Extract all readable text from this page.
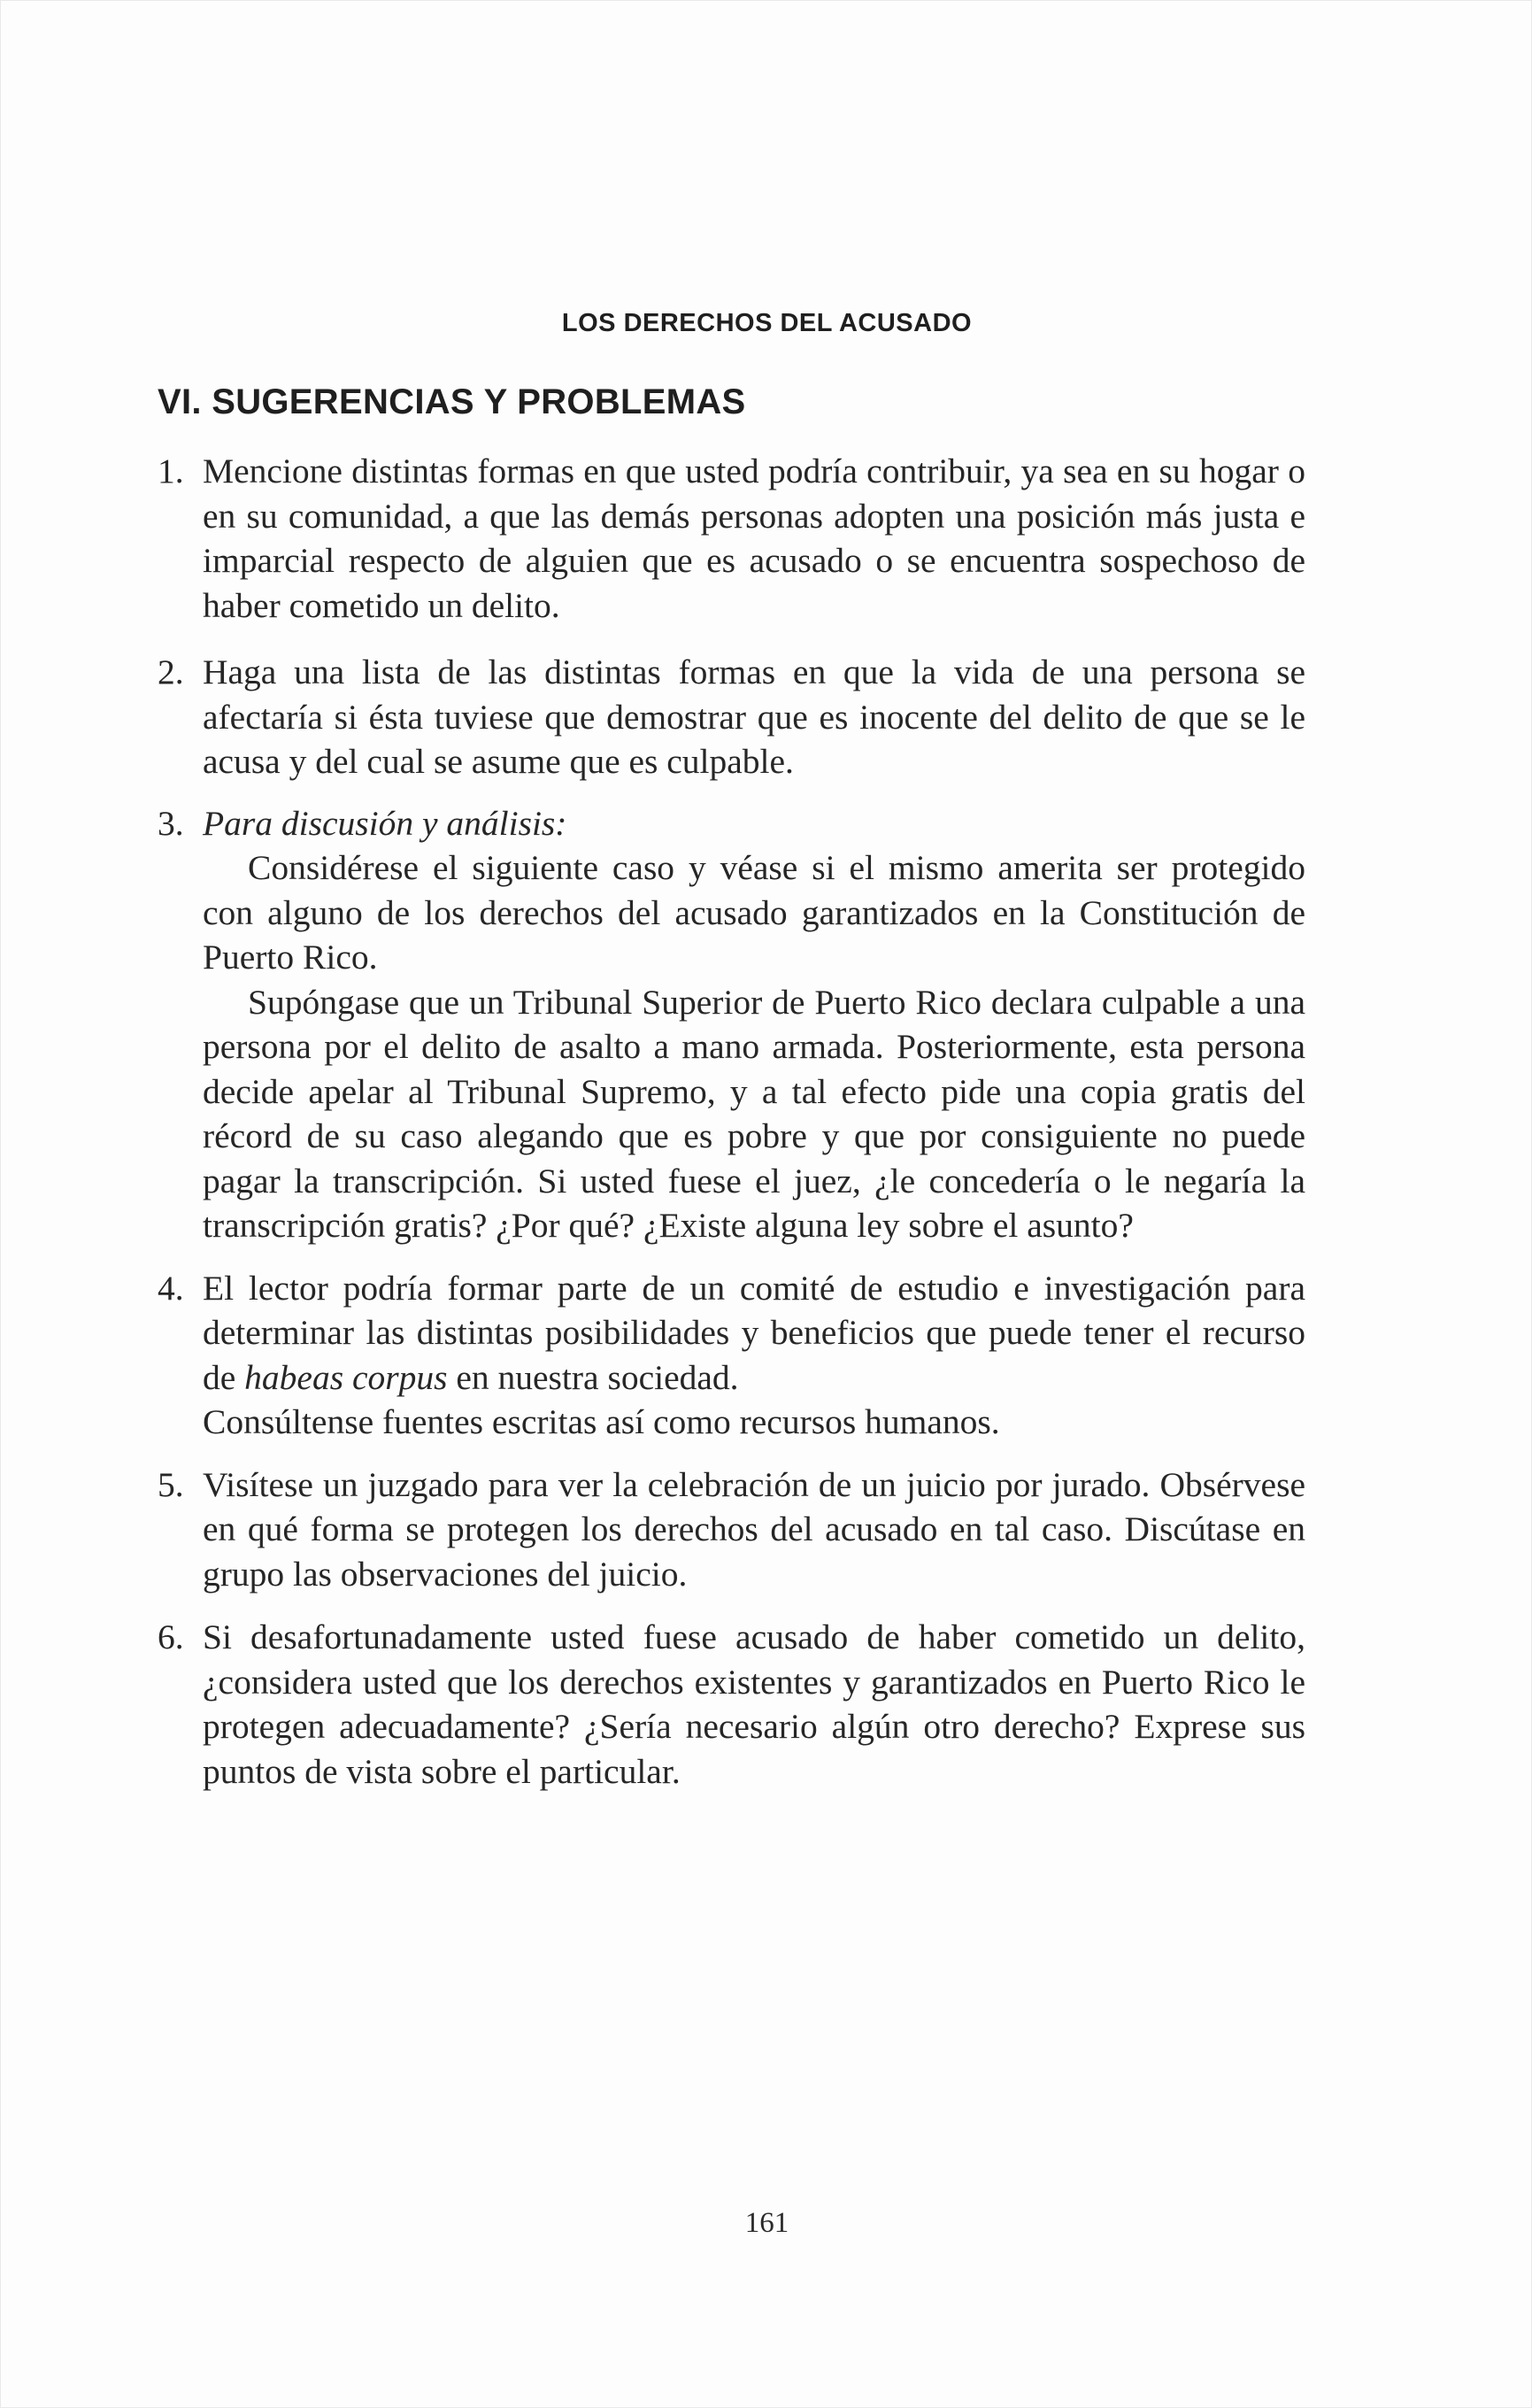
LOS DERECHOS DEL ACUSADO
VI. SUGERENCIAS Y PROBLEMAS
1. Mencione distintas formas en que usted podría contribuir, ya sea en su hogar o en su comunidad, a que las demás personas adopten una posición más justa e imparcial respecto de alguien que es acusado o se encuentra sospechoso de haber cometido un delito.

2. Haga una lista de las distintas formas en que la vida de una persona se afectaría si ésta tuviese que demostrar que es inocente del delito de que se le acusa y del cual se asume que es culpable.

3. Para discusión y análisis:

Considérese el siguiente caso y véase si el mismo amerita ser protegido con alguno de los derechos del acusado garantizados en la Constitución de Puerto Rico.

Supóngase que un Tribunal Superior de Puerto Rico declara culpable a una persona por el delito de asalto a mano armada. Posteriormente, esta persona decide apelar al Tribunal Supremo, y a tal efecto pide una copia gratis del récord de su caso alegando que es pobre y que por consiguiente no puede pagar la transcripción. Si usted fuese el juez, ¿le concedería o le negaría la transcripción gratis? ¿Por qué? ¿Existe alguna ley sobre el asunto?

4. El lector podría formar parte de un comité de estudio e investigación para determinar las distintas posibilidades y beneficios que puede tener el recurso de habeas corpus en nuestra sociedad.

Consúltense fuentes escritas así como recursos humanos.

5. Visítese un juzgado para ver la celebración de un juicio por jurado. Obsérvese en qué forma se protegen los derechos del acusado en tal caso. Discútase en grupo las observaciones del juicio.

6. Si desafortunadamente usted fuese acusado de haber cometido un delito, ¿considera usted que los derechos existentes y garantizados en Puerto Rico le protegen adecuadamente? ¿Sería necesario algún otro derecho? Exprese sus puntos de vista sobre el particular.

161
